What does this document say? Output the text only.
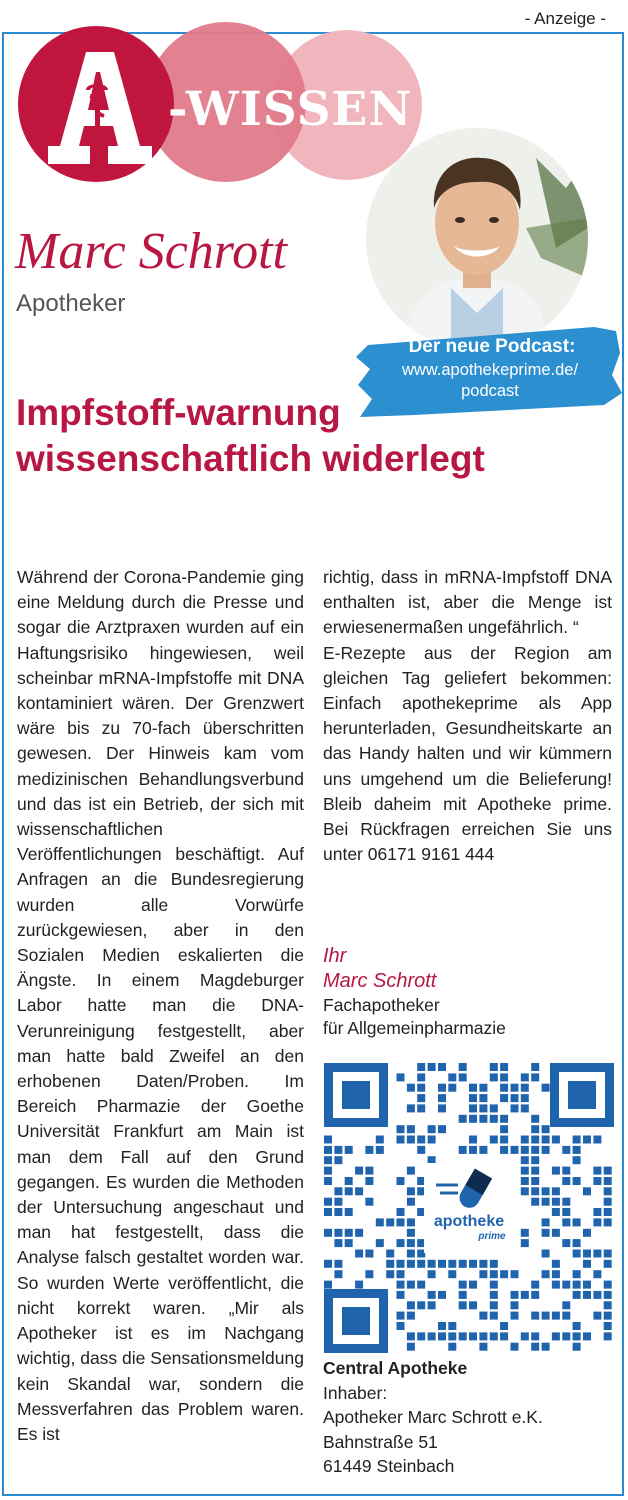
- Anzeige -
-WISSEN
Marc Schrott
Apotheker
Der neue Podcast:
www.apothekeprime.de/ podcast
Impfstoff-warnung wissenschaftlich widerlegt
Während der Corona-Pandemie ging eine Meldung durch die Presse und sogar die Arztpraxen wurden auf ein Haftungsrisiko hingewiesen, weil scheinbar mRNA-Impfstoffe mit DNA kontaminiert wären. Der Grenzwert wäre bis zu 70-fach überschritten gewesen. Der Hinweis kam vom medizinischen Behandlungsverbund und das ist ein Betrieb, der sich mit wissenschaftlichen Veröffentlichungen beschäftigt. Auf Anfragen an die Bundesregierung wurden alle Vorwürfe zurückgewiesen, aber in den Sozialen Medien eskalierten die Ängste. In einem Magdeburger Labor hatte man die DNA-Verunreinigung festgestellt, aber man hatte bald Zweifel an den erhobenen Daten/Proben. Im Bereich Pharmazie der Goethe Universität Frankfurt am Main ist man dem Fall auf den Grund gegangen. Es wurden die Methoden der Untersuchung angeschaut und man hat festgestellt, dass die Analyse falsch gestaltet worden war. So wurden Werte veröffentlicht, die nicht korrekt waren. „Mir als Apotheker ist es im Nachgang wichtig, dass die Sensationsmeldung kein Skandal war, sondern die Messverfahren das Problem waren. Es ist

richtig, dass in mRNA-Impfstoff DNA enthalten ist, aber die Menge ist erwiesenermaßen ungefährlich. “

E-Rezepte aus der Region am gleichen Tag geliefert bekommen: Einfach apothekeprime als App herunterladen, Gesundheitskarte an das Handy halten und wir kümmern uns umgehend um die Belieferung! Bleib daheim mit Apotheke prime. Bei Rückfragen erreichen Sie uns unter 06171 9161 444

Ihr
Marc Schrott
Fachapotheker
für Allgemeinpharmazie
apotheke
prime
Central Apotheke
Inhaber:
Apotheker Marc Schrott e.K.
Bahnstraße 51
61449 Steinbach
